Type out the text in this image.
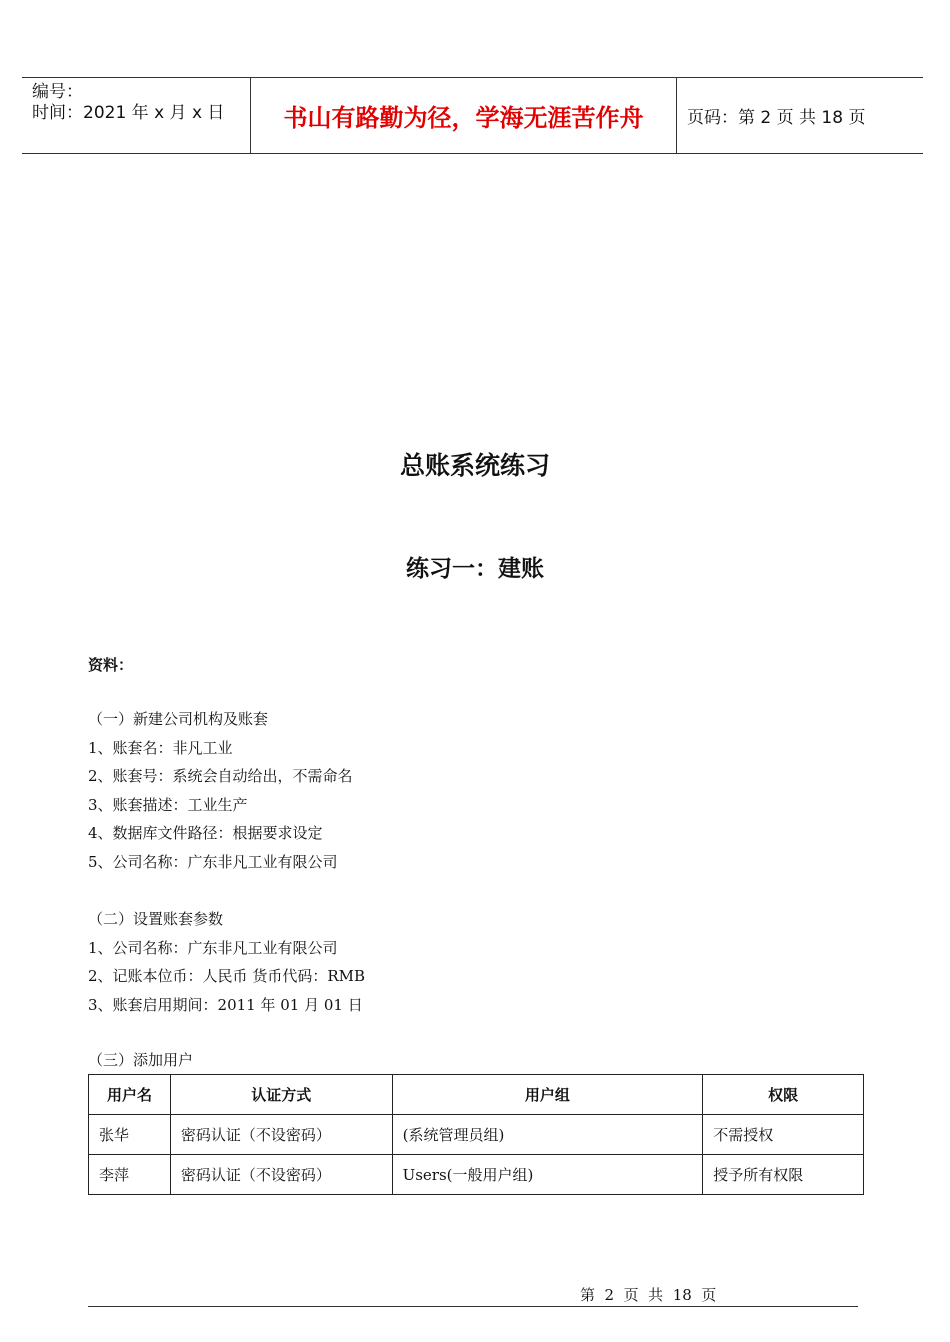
编号：
时间：2021 年 x 月 x 日	书山有路勤为径，学海无涯苦作舟	页码：第 2 页 共 18 页
总账系统练习
练习一：建账
资料：
（一）新建公司机构及账套
1、账套名：非凡工业
2、账套号：系统会自动给出，不需命名
3、账套描述：工业生产
4、数据库文件路径：根据要求设定
5、公司名称：广东非凡工业有限公司
（二）设置账套参数
1、公司名称：广东非凡工业有限公司
2、记账本位币：人民币 货币代码：RMB
3、账套启用期间：2011 年 01 月 01 日
（三）添加用户
用户名	认证方式	用户组	权限
张华	密码认证（不设密码）	(系统管理员组)	不需授权
李萍	密码认证（不设密码）	Users(一般用户组)	授予所有权限
第  2  页  共  18  页
